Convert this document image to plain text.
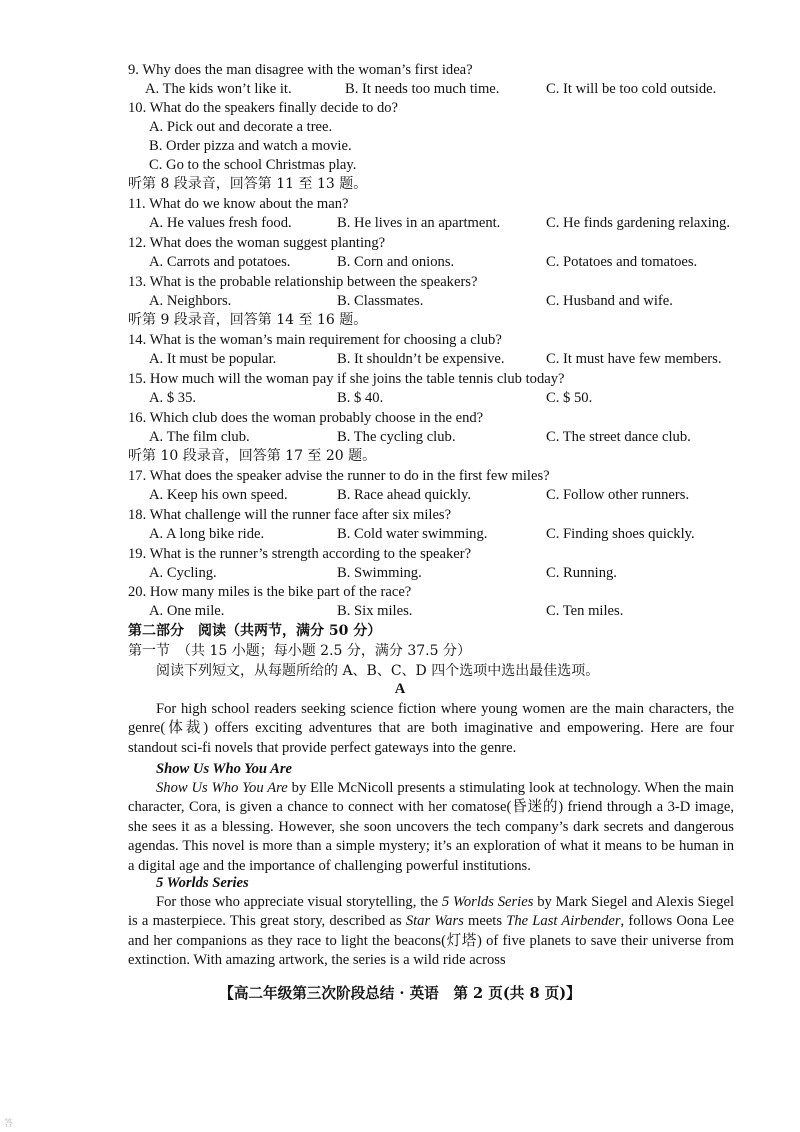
9. Why does the man disagree with the woman’s first idea?
A. The kids won’t like it.	B. It needs too much time.	C. It will be too cold outside.
10. What do the speakers finally decide to do?
A. Pick out and decorate a tree.
B. Order pizza and watch a movie.
C. Go to the school Christmas play.
听第 8 段录音，回答第 11 至 13 题。
11. What do we know about the man?
A. He values fresh food.	B. He lives in an apartment.	C. He finds gardening relaxing.
12. What does the woman suggest planting?
A. Carrots and potatoes.	B. Corn and onions.	C. Potatoes and tomatoes.
13. What is the probable relationship between the speakers?
A. Neighbors.	B. Classmates.	C. Husband and wife.
听第 9 段录音，回答第 14 至 16 题。
14. What is the woman’s main requirement for choosing a club?
A. It must be popular.	B. It shouldn’t be expensive.	C. It must have few members.
15. How much will the woman pay if she joins the table tennis club today?
A. $ 35.	B. $ 40.	C. $ 50.
16. Which club does the woman probably choose in the end?
A. The film club.	B. The cycling club.	C. The street dance club.
听第 10 段录音，回答第 17 至 20 题。
17. What does the speaker advise the runner to do in the first few miles?
A. Keep his own speed.	B. Race ahead quickly.	C. Follow other runners.
18. What challenge will the runner face after six miles?
A. A long bike ride.	B. Cold water swimming.	C. Finding shoes quickly.
19. What is the runner’s strength according to the speaker?
A. Cycling.	B. Swimming.	C. Running.
20. How many miles is the bike part of the race?
A. One mile.	B. Six miles.	C. Ten miles.
第二部分　阅读（共两节，满分 50 分）
第一节　（共 15 小题；每小题 2.5 分，满分 37.5 分）
阅读下列短文，从每题所给的 A、B、C、D 四个选项中选出最佳选项。
A

For high school readers seeking science fiction where young women are the main characters, the genre(体裁) offers exciting adventures that are both imaginative and empowering. Here are four standout sci-fi novels that provide perfect gateways into the genre.

Show Us Who You Are

Show Us Who You Are by Elle McNicoll presents a stimulating look at technology. When the main character, Cora, is given a chance to connect with her comatose(昏迷的) friend through a 3-D image, she sees it as a blessing. However, she soon uncovers the tech company’s dark secrets and dangerous agendas. This novel is more than a simple mystery; it’s an exploration of what it means to be human in a digital age and the importance of challenging powerful institutions.

5 Worlds Series

For those who appreciate visual storytelling, the 5 Worlds Series by Mark Siegel and Alexis Siegel is a masterpiece. This great story, described as Star Wars meets The Last Airbender, follows Oona Lee and her companions as they race to light the beacons(灯塔) of five planets to save their universe from extinction. With amazing artwork, the series is a wild ride across

【高二年级第三次阶段总结 · 英语　第 2 页(共 8 页)】
答
